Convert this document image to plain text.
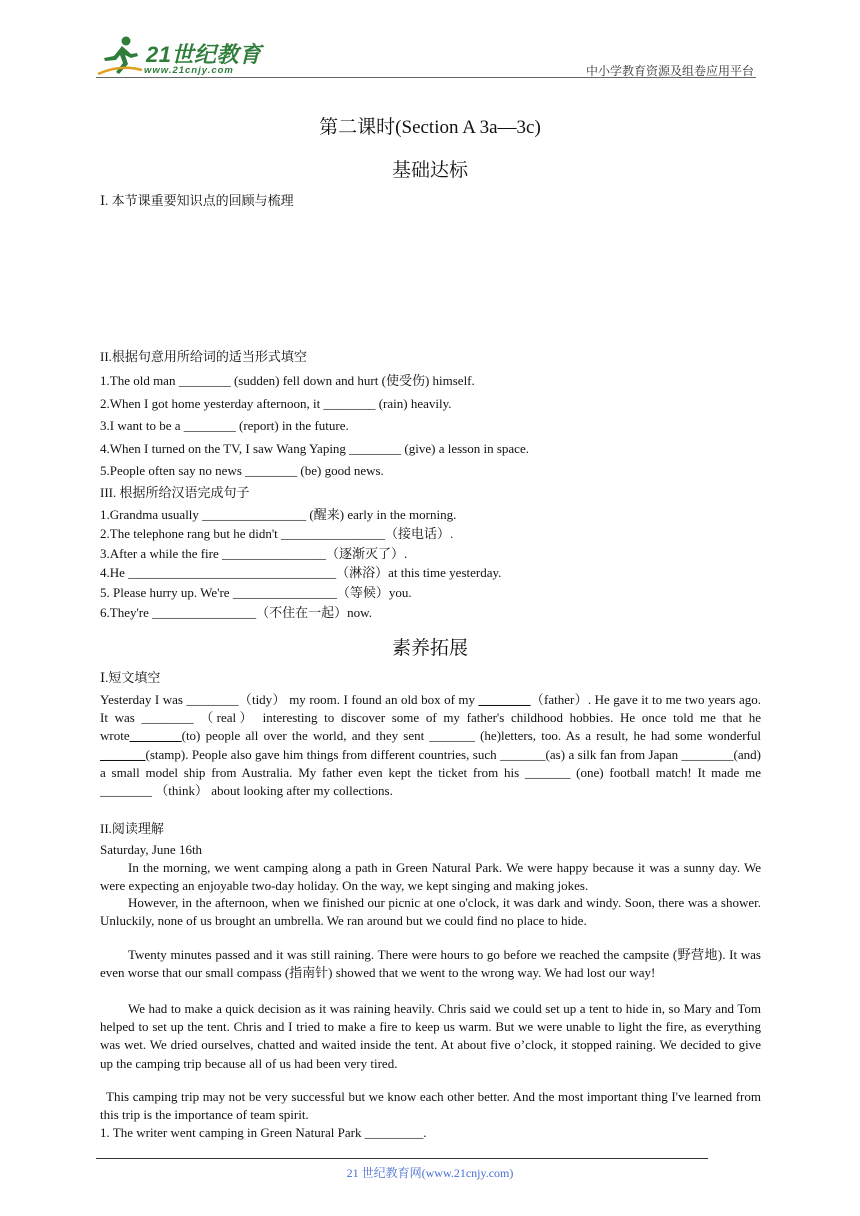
21世纪教育
www.21cnjy.com	中小学教育资源及组卷应用平台
第二课时(Section A 3a—3c)
基础达标
Ⅰ. 本节课重要知识点的回顾与梳理
II.根据句意用所给词的适当形式填空
1.The old man ________ (sudden) fell down and hurt (使受伤) himself.
2.When I got home yesterday afternoon, it ________ (rain) heavily.
3.I want to be a ________ (report) in the future.
4.When I turned on the TV, I saw Wang Yaping ________ (give) a lesson in space.
5.People often say no news ________ (be) good news.
III. 根据所给汉语完成句子
1.Grandma usually ________________ (醒来) early in the morning.
2.The telephone rang but he didn't ________________（接电话）.
3.After a while the fire ________________（逐渐灭了）.
4.He ________________________________（淋浴）at this time yesterday.
5. Please hurry up. We're ________________（等候）you.
6.They're ________________（不住在一起）now.
素养拓展
Ⅰ.短文填空
Yesterday I was ________（tidy） my room. I found an old box of my ________（father）. He gave it to me two years ago. It was ________ （real） interesting to discover some of my father's childhood hobbies. He once told me that he wrote________(to) people all over the world, and they sent _______ (he)letters, too. As a result, he had some wonderful _______(stamp). People also gave him things from different countries, such _______(as) a silk fan from Japan ________(and) a small model ship from Australia. My father even kept the ticket from his _______ (one) football match! It made me ________ （think） about looking after my collections.
II.阅读理解
Saturday, June 16th
In the morning, we went camping along a path in Green Natural Park. We were happy because it was a sunny day. We were expecting an enjoyable two-day holiday. On the way, we kept singing and making jokes.
However, in the afternoon, when we finished our picnic at one o'clock, it was dark and windy. Soon, there was a shower. Unluckily, none of us brought an umbrella. We ran around but we could find no place to hide.
Twenty minutes passed and it was still raining. There were hours to go before we reached the campsite (野营地). It was even worse that our small compass (指南针) showed that we went to the wrong way. We had lost our way!
We had to make a quick decision as it was raining heavily. Chris said we could set up a tent to hide in, so Mary and Tom helped to set up the tent. Chris and I tried to make a fire to keep us warm. But we were unable to light the fire, as everything was wet. We dried ourselves, chatted and waited inside the tent. At about five o’clock, it stopped raining. We decided to give up the camping trip because all of us had been very tired.
This camping trip may not be very successful but we know each other better. And the most important thing I've learned from this trip is the importance of team spirit.
1. The writer went camping in Green Natural Park _________.
21 世纪教育网(www.21cnjy.com)
